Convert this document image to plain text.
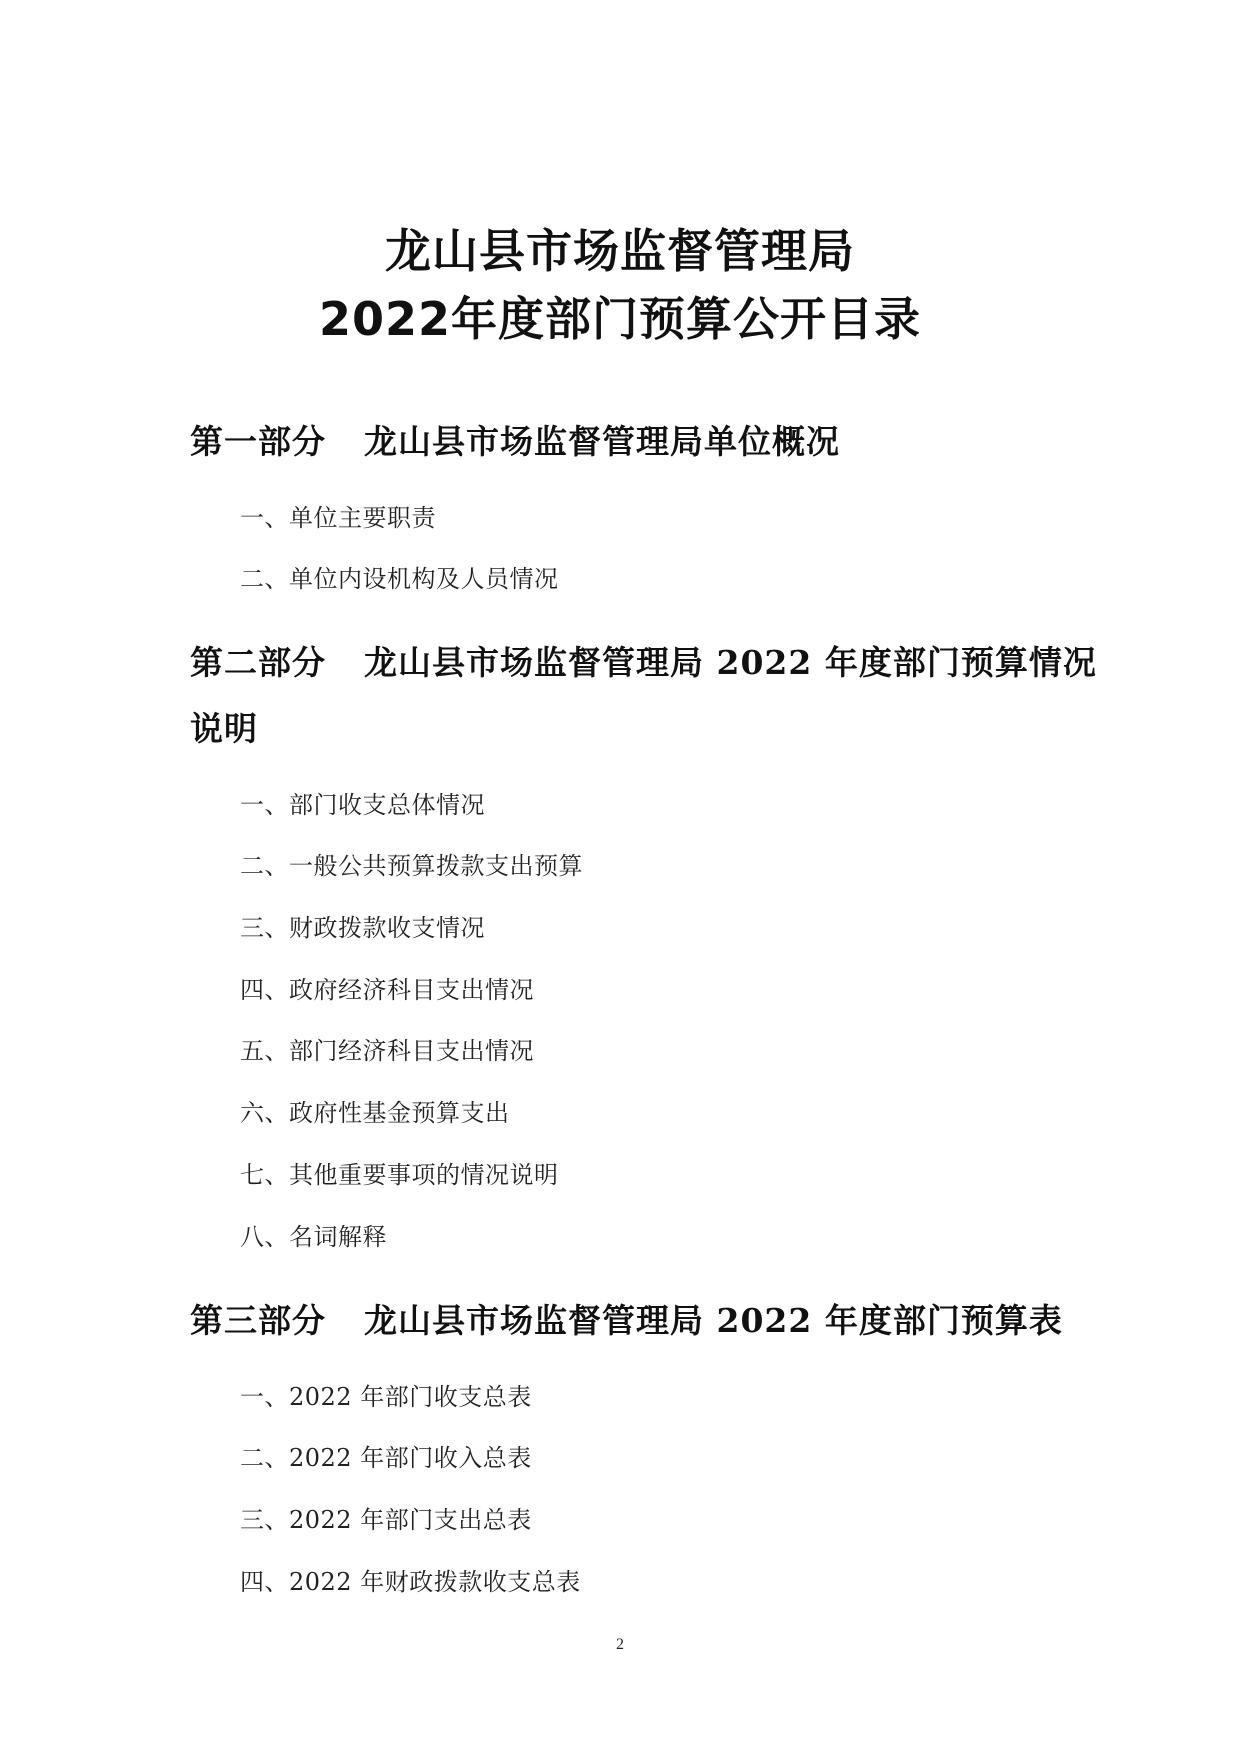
龙山县市场监督管理局
2022年度部门预算公开目录
第一部分 龙山县市场监督管理局单位概况
一、单位主要职责
二、单位内设机构及人员情况
第二部分 龙山县市场监督管理局 2022 年度部门预算情况
说明
一、部门收支总体情况
二、一般公共预算拨款支出预算
三、财政拨款收支情况
四、政府经济科目支出情况
五、部门经济科目支出情况
六、政府性基金预算支出
七、其他重要事项的情况说明
八、名词解释
第三部分 龙山县市场监督管理局 2022 年度部门预算表
一、2022 年部门收支总表
二、2022 年部门收入总表
三、2022 年部门支出总表
四、2022 年财政拨款收支总表
2
